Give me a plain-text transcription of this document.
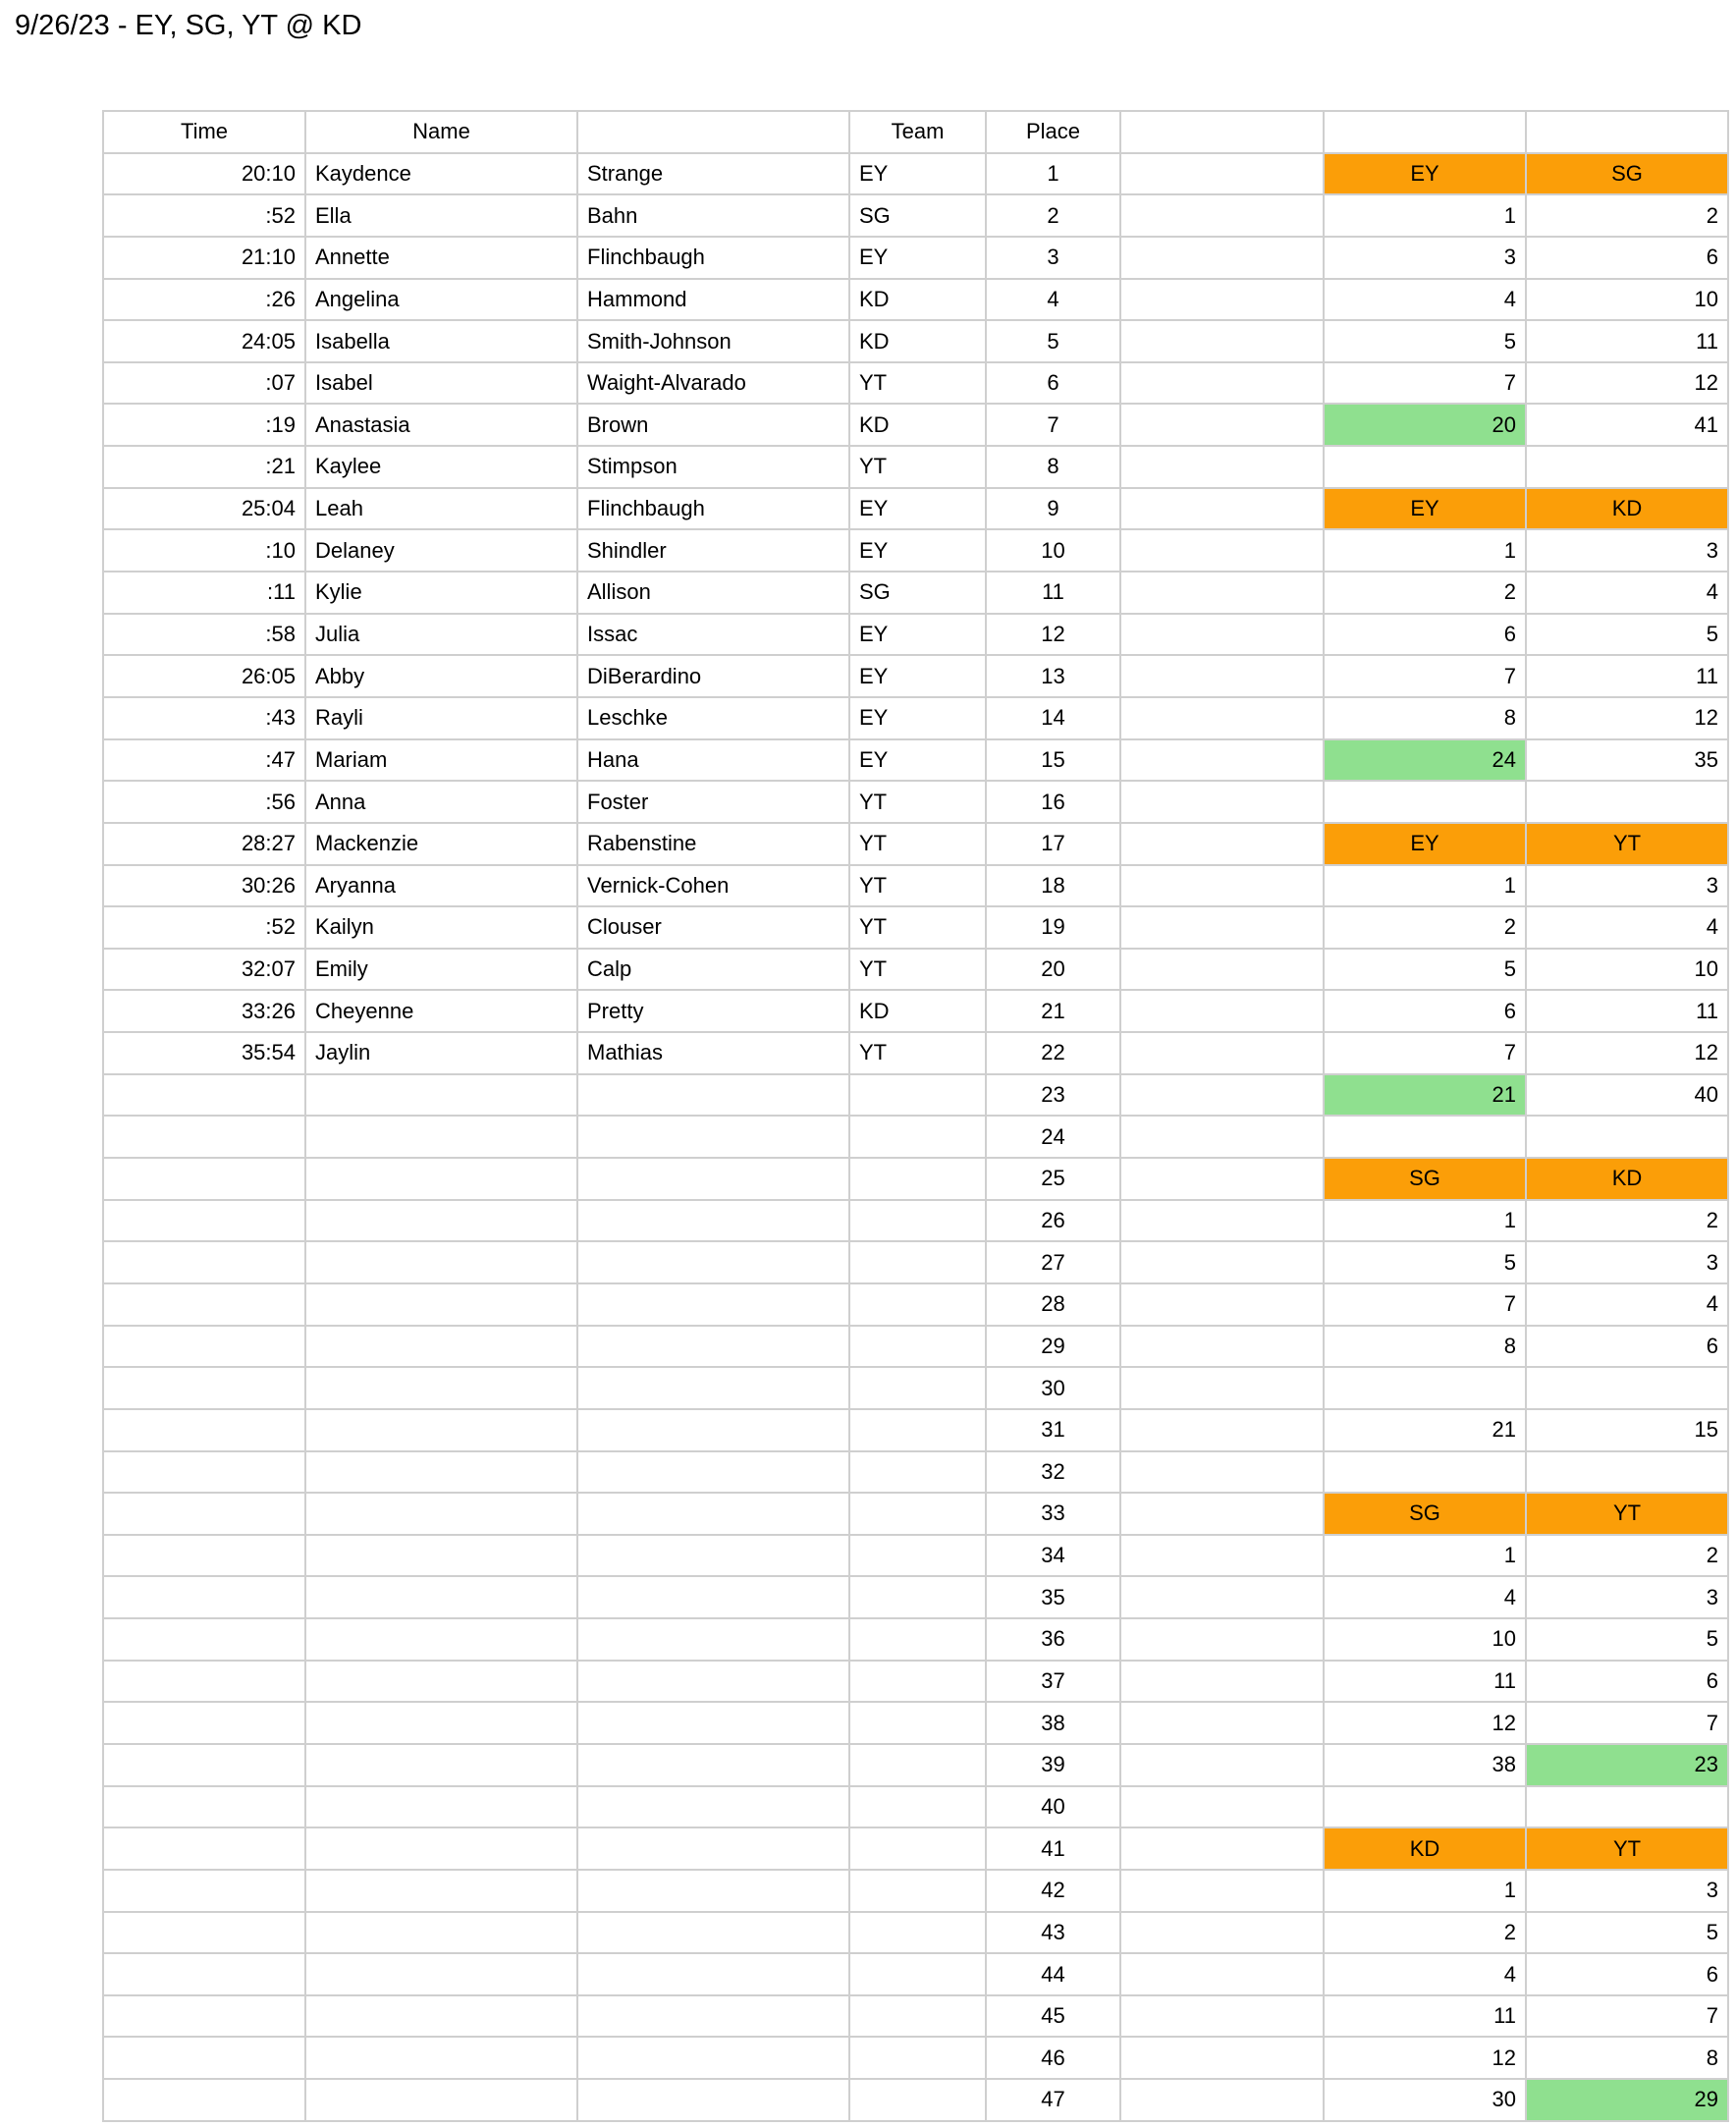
9/26/23 - EY, SG, YT @ KD
Time	Name		Team	Place			
20:10	Kaydence	Strange	EY	1		EY	SG
:52	Ella	Bahn	SG	2		1	2
21:10	Annette	Flinchbaugh	EY	3		3	6
:26	Angelina	Hammond	KD	4		4	10
24:05	Isabella	Smith-Johnson	KD	5		5	11
:07	Isabel	Waight-Alvarado	YT	6		7	12
:19	Anastasia	Brown	KD	7		20	41
:21	Kaylee	Stimpson	YT	8			
25:04	Leah	Flinchbaugh	EY	9		EY	KD
:10	Delaney	Shindler	EY	10		1	3
:11	Kylie	Allison	SG	11		2	4
:58	Julia	Issac	EY	12		6	5
26:05	Abby	DiBerardino	EY	13		7	11
:43	Rayli	Leschke	EY	14		8	12
:47	Mariam	Hana	EY	15		24	35
:56	Anna	Foster	YT	16			
28:27	Mackenzie	Rabenstine	YT	17		EY	YT
30:26	Aryanna	Vernick-Cohen	YT	18		1	3
:52	Kailyn	Clouser	YT	19		2	4
32:07	Emily	Calp	YT	20		5	10
33:26	Cheyenne	Pretty	KD	21		6	11
35:54	Jaylin	Mathias	YT	22		7	12
				23		21	40
				24			
				25		SG	KD
				26		1	2
				27		5	3
				28		7	4
				29		8	6
				30			
				31		21	15
				32			
				33		SG	YT
				34		1	2
				35		4	3
				36		10	5
				37		11	6
				38		12	7
				39		38	23
				40			
				41		KD	YT
				42		1	3
				43		2	5
				44		4	6
				45		11	7
				46		12	8
				47		30	29
